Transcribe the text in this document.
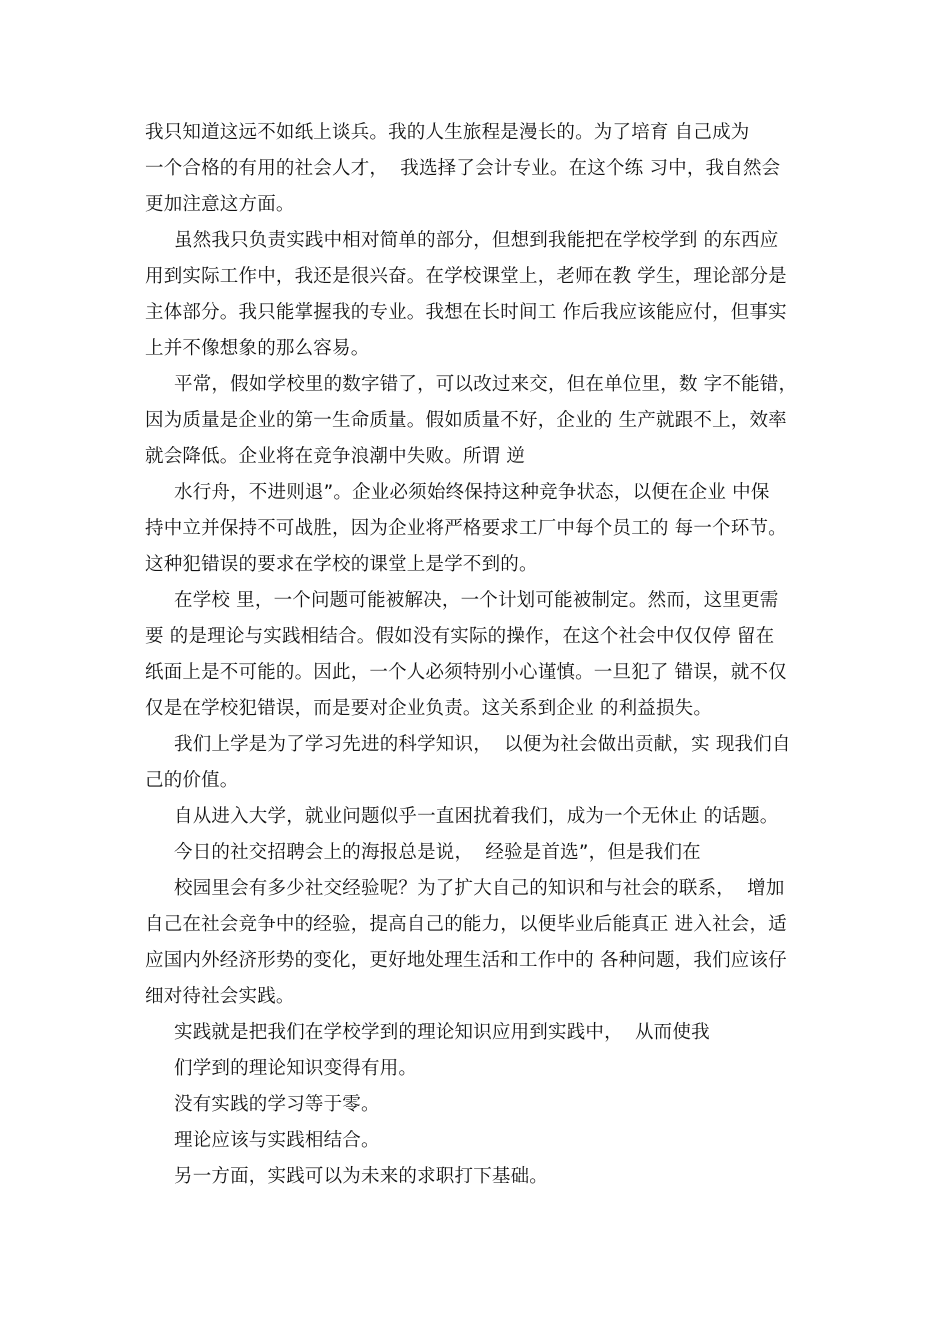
我只知道这远不如纸上谈兵。我的人生旅程是漫长的。为了培育 自己成为
一个合格的有用的社会人才，  我选择了会计专业。在这个练 习中，我自然会
更加注意这方面。
虽然我只负责实践中相对简单的部分，但想到我能把在学校学到 的东西应
用到实际工作中，我还是很兴奋。在学校课堂上，老师在教 学生，理论部分是
主体部分。我只能掌握我的专业。我想在长时间工 作后我应该能应付，但事实
上并不像想象的那么容易。
平常，假如学校里的数字错了，可以改过来交，但在单位里，数 字不能错，
因为质量是企业的第一生命质量。假如质量不好，企业的 生产就跟不上，效率
就会降低。企业将在竞争浪潮中失败。所谓 逆
水行舟，不进则退”。企业必须始终保持这种竞争状态，以便在企业 中保
持中立并保持不可战胜，因为企业将严格要求工厂中每个员工的 每一个环节。
这种犯错误的要求在学校的课堂上是学不到的。
在学校 里，一个问题可能被解决，一个计划可能被制定。然而，这里更需
要 的是理论与实践相结合。假如没有实际的操作，在这个社会中仅仅停 留在
纸面上是不可能的。因此，一个人必须特别小心谨慎。一旦犯了 错误，就不仅
仅是在学校犯错误，而是要对企业负责。这关系到企业 的利益损失。
我们上学是为了学习先进的科学知识，  以便为社会做出贡献，实 现我们自
己的价值。
自从进入大学，就业问题似乎一直困扰着我们，成为一个无休止 的话题。
今日的社交招聘会上的海报总是说，  经验是首选”，但是我们在
校园里会有多少社交经验呢？为了扩大自己的知识和与社会的联系，  增加
自己在社会竞争中的经验，提高自己的能力，以便毕业后能真正 进入社会，适
应国内外经济形势的变化，更好地处理生活和工作中的 各种问题，我们应该仔
细对待社会实践。
实践就是把我们在学校学到的理论知识应用到实践中，  从而使我
们学到的理论知识变得有用。
没有实践的学习等于零。
理论应该与实践相结合。
另一方面，实践可以为未来的求职打下基础。
